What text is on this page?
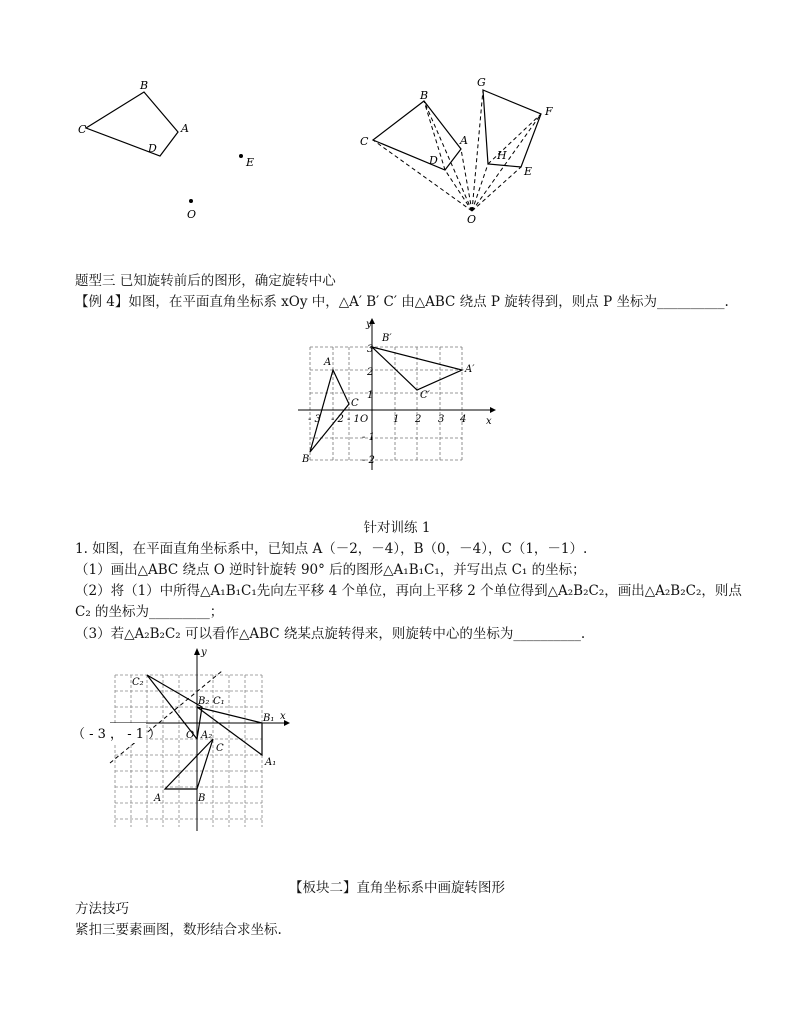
B
A
C
D
E
O
G
F
B
A
C
D	H
E
O
题型三 已知旋转前后的图形，确定旋转中心
【例 4】如图，在平面直角坐标系 xOy 中，△A′ B′ C′ 由△ABC 绕点 P 旋转得到，则点 P 坐标为__________.
x
y
O
- 3 - 2 - 1	1 2 3 4
3
2
1
- 1
- 2
A
B
C
A′
B′
C′
针对训练 1
1. 如图，在平面直角坐标系中，已知点 A（－2，－4），B（0，－4），C（1，－1）.
（1）画出△ABC 绕点 O 逆时针旋转 90° 后的图形△A₁B₁C₁，并写出点 C₁ 的坐标；
（2）将（1）中所得△A₁B₁C₁先向左平移 4 个单位，再向上平移 2 个单位得到△A₂B₂C₂，画出△A₂B₂C₂，则点
C₂ 的坐标为_________；
（3）若△A₂B₂C₂ 可以看作△ABC 绕某点旋转得来，则旋转中心的坐标为__________.
x
y
O
C₂
B₂ C₁
B₁
A₂
C
A₁
A	B
（ - 3 ， - 1 ）
【板块二】直角坐标系中画旋转图形
方法技巧
紧扣三要素画图，数形结合求坐标.
